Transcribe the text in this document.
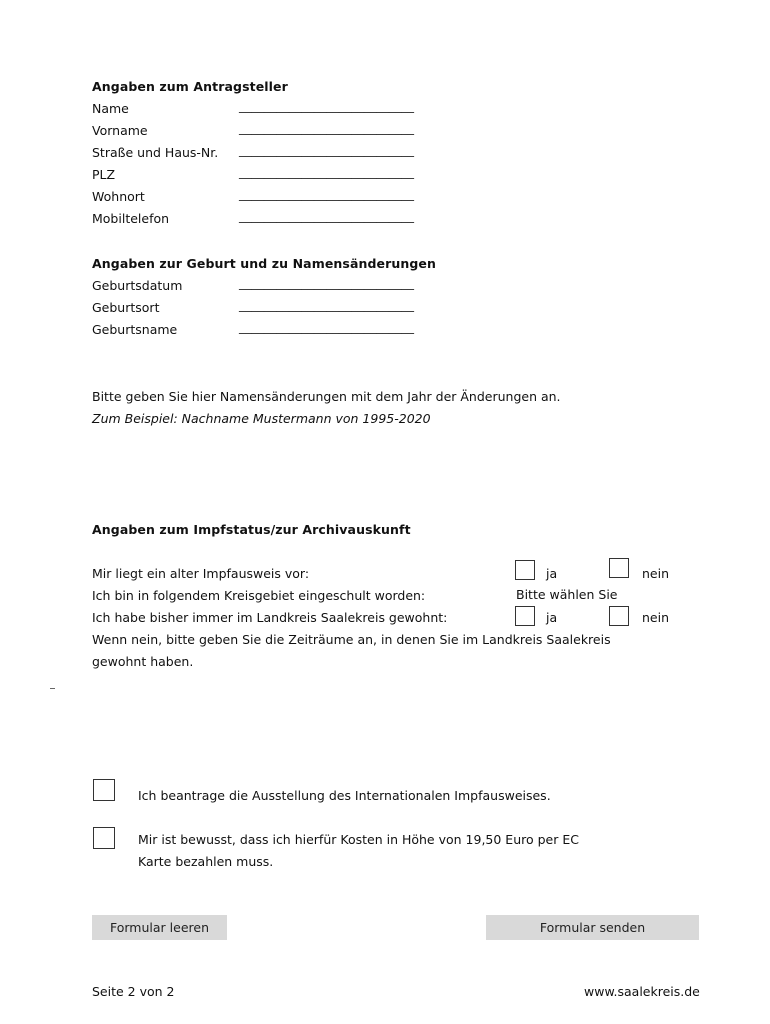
Angaben zum Antragsteller
Name	____________________________
Vorname	____________________________
Straße und Haus-Nr. ____________________________
PLZ	____________________________
Wohnort	____________________________
Mobiltelefon	____________________________
Angaben zur Geburt und zu Namensänderungen
Geburtsdatum	____________________________
Geburtsort	____________________________
Geburtsname	____________________________
Bitte geben Sie hier Namensänderungen mit dem Jahr der Änderungen an.
Zum Beispiel: Nachname Mustermann von 1995-2020
Angaben zum Impfstatus/zur Archivauskunft
Mir liegt ein alter Impfausweis vor:	ja	nein
Ich bin in folgendem Kreisgebiet eingeschult worden:	Bitte wählen Sie
Ich habe bisher immer im Landkreis Saalekreis gewohnt:	ja	nein
Wenn nein, bitte geben Sie die Zeiträume an, in denen Sie im Landkreis Saalekreis
gewohnt haben.
Ich beantrage die Ausstellung des Internationalen Impfausweises.
Mir ist bewusst, dass ich hierfür Kosten in Höhe von 19,50 Euro per EC
Karte bezahlen muss.
Formular leeren	Formular senden
Seite 2 von 2	www.saalekreis.de
